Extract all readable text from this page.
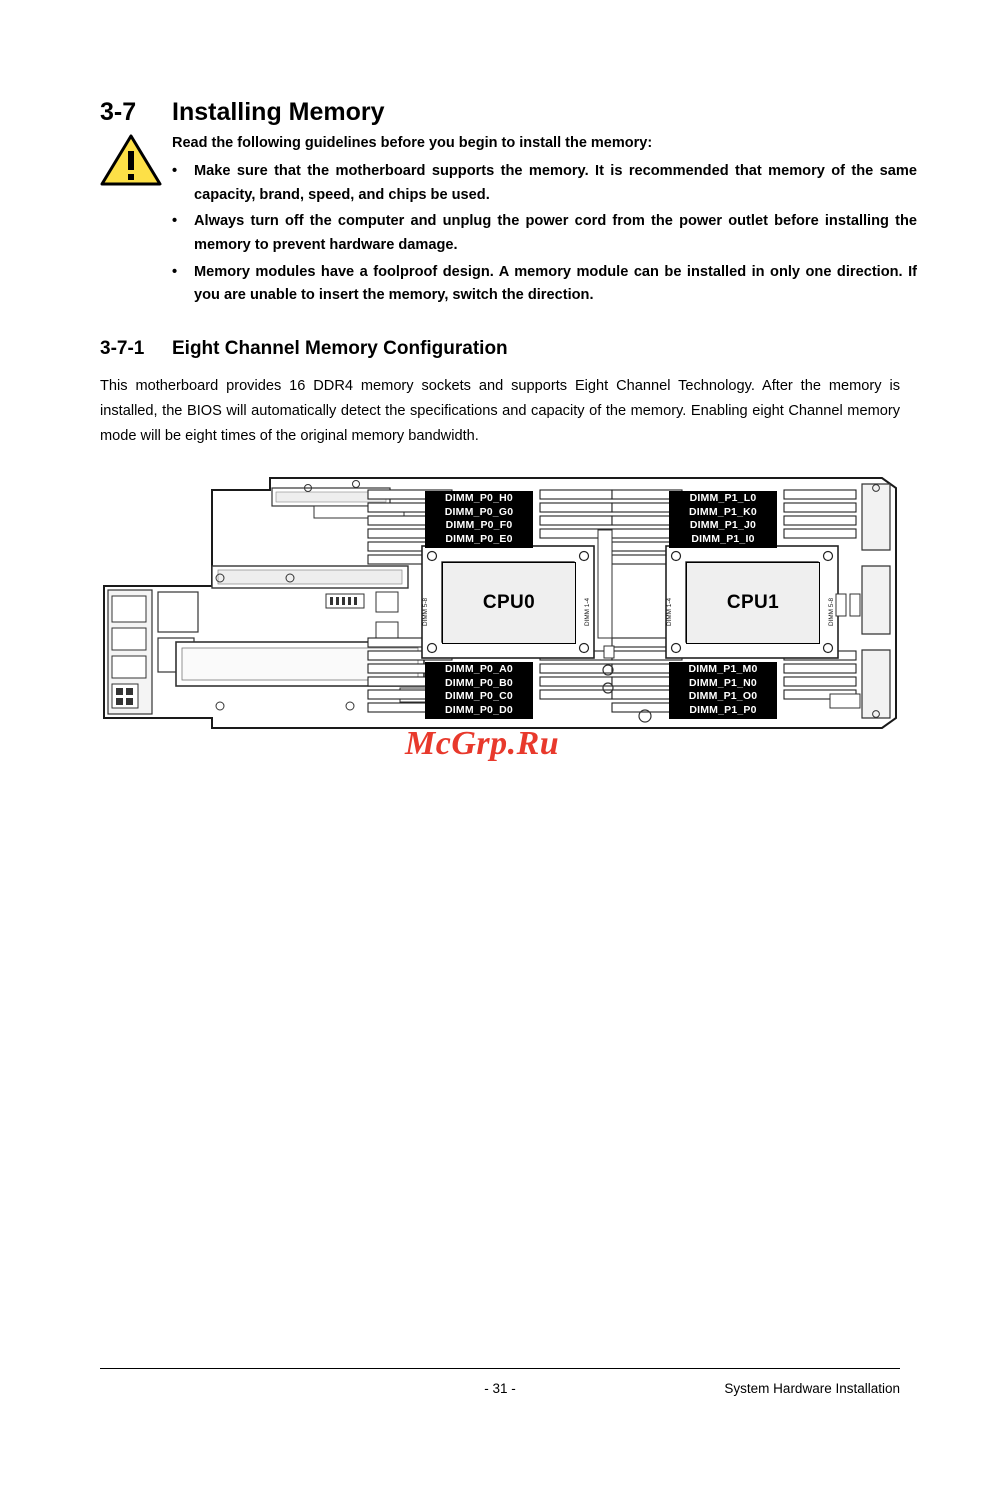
3-7	Installing Memory
Read the following guidelines before you begin to install the memory:
•	Make sure that the motherboard supports the memory. It is recommended that memory of the same capacity, brand, speed, and chips be used.
•	Always turn off the computer and unplug the power cord from the power outlet before installing the memory to prevent hardware damage.
•	Memory modules have a foolproof design. A memory module can be installed in only one direction. If you are unable to insert the memory, switch the direction.
3-7-1	Eight Channel Memory Configuration
This motherboard provides 16 DDR4 memory sockets and supports Eight Channel Technology. After the memory is installed, the BIOS will automatically detect the specifications and capacity of the memory. Enabling eight Channel memory mode will be eight times of the original memory bandwidth.
DIMM 5-8	DIMM 1-4	DIMM 1-4	DIMM 5-8
DIMM_P0_H0
DIMM_P0_G0
DIMM_P0_F0
DIMM_P0_E0
DIMM_P1_L0
DIMM_P1_K0
DIMM_P1_J0
DIMM_P1_I0
DIMM_P0_A0
DIMM_P0_B0
DIMM_P0_C0
DIMM_P0_D0
DIMM_P1_M0
DIMM_P1_N0
DIMM_P1_O0
DIMM_P1_P0
CPU0	CPU1
McGrp.Ru
- 31 -	System Hardware Installation
